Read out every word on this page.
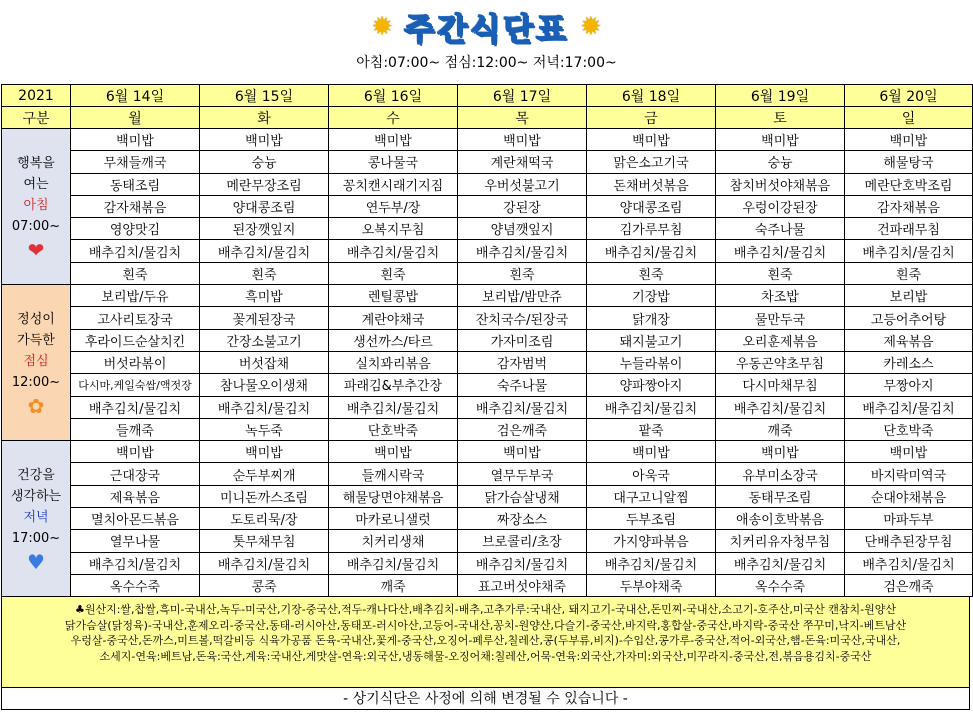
✹ 주간식단표 ✹
아침:07:00~ 점심:12:00~ 저녁:17:00~
2021	6월 14일	6월 15일	6월 16일	6월 17일	6월 18일	6월 19일	6월 20일
구분	월	화	수	목	금	토	일

행복을
여는
아침
07:00~
❤	백미밥	백미밥	백미밥	백미밥	백미밥	백미밥	백미밥
	무채들깨국	숭늉	콩나물국	계란채떡국	맑은소고기국	숭늉	해물탕국
	동태조림	메란무장조림	꽁치캔시래기지짐	우버섯불고기	돈채버섯볶음	참치버섯야채볶음	메란단호박조림
	감자채볶음	양대콩조림	연두부/장	강된장	양대콩조림	우렁이강된장	감자채볶음
	영양맛김	된장깻잎지	오복지무침	양념깻잎지	김가루무침	숙주나물	건파래무침
	배추김치/물김치	배추김치/물김치	배추김치/물김치	배추김치/물김치	배추김치/물김치	배추김치/물김치	배추김치/물김치
	흰죽	흰죽	흰죽	흰죽	흰죽	흰죽	흰죽

정성이
가득한
점심
12:00~
✿	보리밥/두유	흑미밥	렌틸콩밥	보리밥/밤만쥬	기장밥	차조밥	보리밥
	고사리토장국	꽃게된장국	계란야채국	잔치국수/된장국	닭개장	물만두국	고등어추어탕
	후라이드순살치킨	간장소불고기	생선까스/타르	가자미조림	돼지불고기	오리훈제볶음	제육볶음
	버섯라볶이	버섯잡채	실치꽈리볶음	감자범벅	누들라볶이	우동곤약초무침	카레소스
	다시마,케일숙쌈/액젓장	참나물오이생채	파래김&부추간장	숙주나물	양파짱아지	다시마채무침	무짱아지
	배추김치/물김치	배추김치/물김치	배추김치/물김치	배추김치/물김치	배추김치/물김치	배추김치/물김치	배추김치/물김치
	들깨죽	녹두죽	단호박죽	검은깨죽	팥죽	깨죽	단호박죽

건강을
생각하는
저녁
17:00~
♥	백미밥	백미밥	백미밥	백미밥	백미밥	백미밥	백미밥
	근대장국	순두부찌개	들깨시락국	열무두부국	아욱국	유부미소장국	바지락미역국
	제육볶음	미니돈까스조림	해물당면야채볶음	닭가슴살냉채	대구고니알찜	동태무조림	순대야채볶음
	멸치아몬드볶음	도토리묵/장	마카로니샐럿	짜장소스	두부조림	애송이호박볶음	마파두부
	열무나물	톳무채무침	치커리생채	브로콜리/초장	가지양파볶음	치커리유자청무침	단배추된장무침
	배추김치/물김치	배추김치/물김치	배추김치/물김치	배추김치/물김치	배추김치/물김치	배추김치/물김치	배추김치/물김치
	옥수수죽	콩죽	깨죽	표고버섯야채죽	두부야채죽	옥수수죽	검은깨죽
♣원산지:쌀,찹쌀,흑미-국내산,녹두-미국산,기장-중국산,적두-캐나다산,배추김치-배추,고추가루:국내산, 돼지고기-국내산,돈민찌-국내산,소고기-호주산,미국산 캔참치-원양산
닭가슴살(닭정육)-국내산,훈제오리-중국산,동태-러시아산,동태포-러시아산,고등어-국내산,꽁치-원양산,다슬기-중국산,바지락,홍합살-중국산,바지락-중국산 쭈꾸미,낙지-베트남산
우렁살-중국산,돈까스,미트볼,떡갈비등 식육가공품 돈육-국내산,꽃게-중국산,오징어-페루산,칠레산,콩(두부류,비지)-수입산,콩가루-중국산,적어-외국산,햄-돈육:미국산,국내산,
소세지-연육:베트남,돈육:국산,계육:국내산,게맛살-연육:외국산,냉동해물-오징어채:칠레산,어묵-연육:외국산,가자미:외국산,미꾸라지-중국산,전,볶음용김치-중국산
- 상기식단은 사정에 의해 변경될 수 있습니다 -
